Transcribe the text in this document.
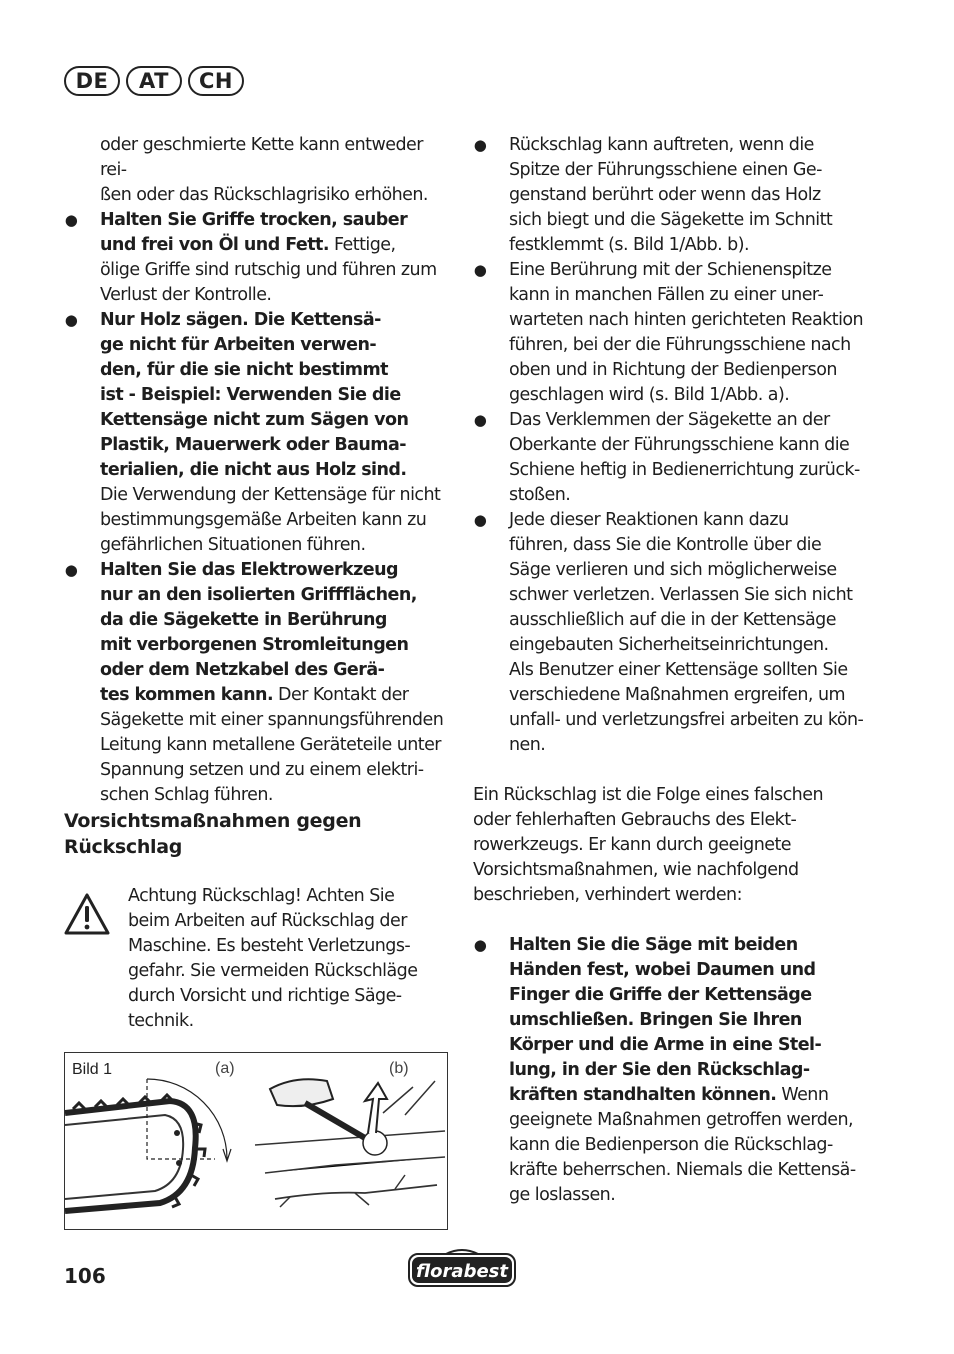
DE	AT	CH
oder geschmierte Kette kann entweder rei-
ßen oder das Rückschlagrisiko erhöhen.
● Halten Sie Griffe trocken, sauber
und frei von Öl und Fett. Fettige,
ölige Griffe sind rutschig und führen zum
Verlust der Kontrolle.
● Nur Holz sägen. Die Kettensä-
ge nicht für Arbeiten verwen-
den, für die sie nicht bestimmt
ist - Beispiel: Verwenden Sie die
Kettensäge nicht zum Sägen von
Plastik, Mauerwerk oder Bauma-
terialien, die nicht aus Holz sind.
Die Verwendung der Kettensäge für nicht
bestimmungsgemäße Arbeiten kann zu
gefährlichen Situationen führen.
● Halten Sie das Elektrowerkzeug
nur an den isolierten Griffflächen,
da die Sägekette in Berührung
mit verborgenen Stromleitungen
oder dem Netzkabel des Gerä-
tes kommen kann. Der Kontakt der
Sägekette mit einer spannungsführenden
Leitung kann metallene Geräteteile unter
Spannung setzen und zu einem elektri-
schen Schlag führen.
Vorsichtsmaßnahmen gegen
Rückschlag
Achtung Rückschlag! Achten Sie
beim Arbeiten auf Rückschlag der
Maschine. Es besteht Verletzungs-
gefahr. Sie vermeiden Rückschläge
durch Vorsicht und richtige Säge-
technik.
(a)	(b)
Bild 1
● Rückschlag kann auftreten, wenn die
Spitze der Führungsschiene einen Ge-
genstand berührt oder wenn das Holz
sich biegt und die Sägekette im Schnitt
festklemmt (s. Bild 1/Abb. b).
● Eine Berührung mit der Schienenspitze
kann in manchen Fällen zu einer uner-
warteten nach hinten gerichteten Reaktion
führen, bei der die Führungsschiene nach
oben und in Richtung der Bedienperson
geschlagen wird (s. Bild 1/Abb. a).
● Das Verklemmen der Sägekette an der
Oberkante der Führungsschiene kann die
Schiene heftig in Bedienerrichtung zurück-
stoßen.
● Jede dieser Reaktionen kann dazu
führen, dass Sie die Kontrolle über die
Säge verlieren und sich möglicherweise
schwer verletzen. Verlassen Sie sich nicht
ausschließlich auf die in der Kettensäge
eingebauten Sicherheitseinrichtungen.
Als Benutzer einer Kettensäge sollten Sie
verschiedene Maßnahmen ergreifen, um
unfall- und verletzungsfrei arbeiten zu kön-
nen.
Ein Rückschlag ist die Folge eines falschen
oder fehlerhaften Gebrauchs des Elekt-
rowerkzeugs. Er kann durch geeignete
Vorsichtsmaßnahmen, wie nachfolgend
beschrieben, verhindert werden:
● Halten Sie die Säge mit beiden
Händen fest, wobei Daumen und
Finger die Griffe der Kettensäge
umschließen. Bringen Sie Ihren
Körper und die Arme in eine Stel-
lung, in der Sie den Rückschlag-
kräften standhalten können. Wenn
geeignete Maßnahmen getroffen werden,
kann die Bedienperson die Rückschlag-
kräfte beherrschen. Niemals die Kettensä-
ge loslassen.
106	florabest
